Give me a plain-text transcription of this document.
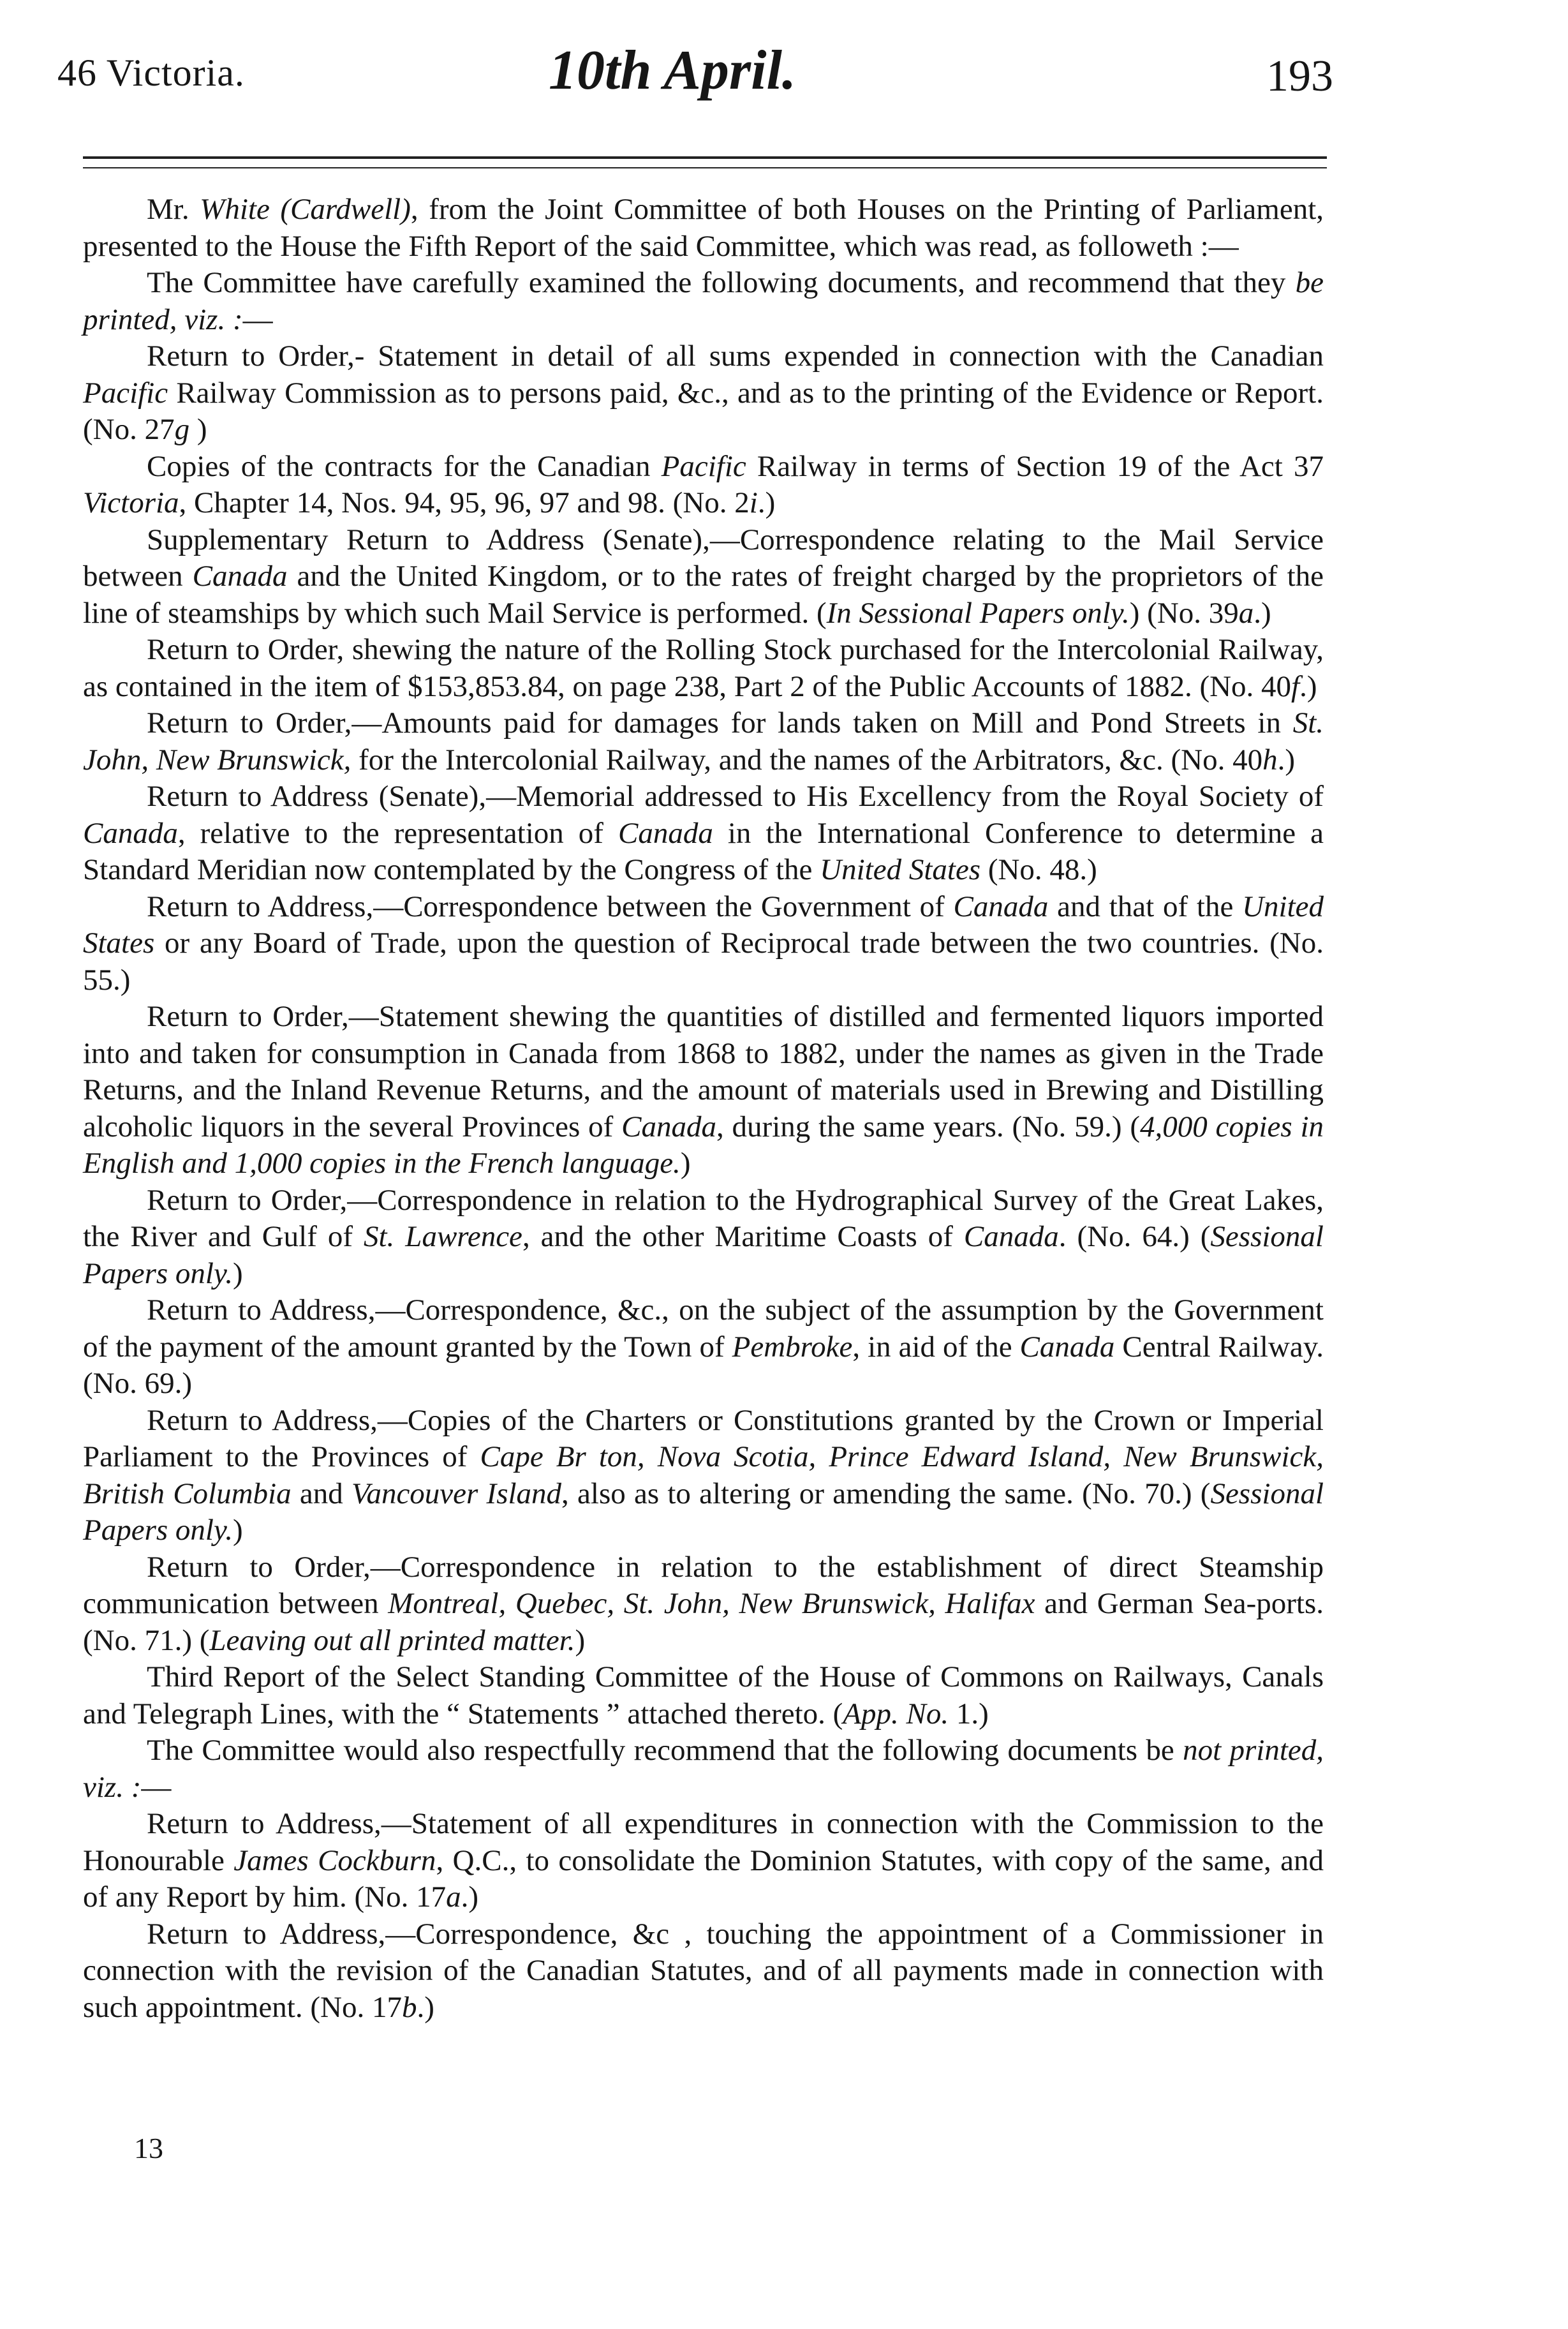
46 Victoria.	10th April.	193

Mr. White (Cardwell), from the Joint Committee of both Houses on the Printing of Parliament, presented to the House the Fifth Report of the said Committee, which was read, as followeth :—

The Committee have carefully examined the following documents, and recommend that they be printed, viz. :—

Return to Order,- Statement in detail of all sums expended in connection with the Canadian Pacific Railway Commission as to persons paid, &c., and as to the printing of the Evidence or Report. (No. 27g )

Copies of the contracts for the Canadian Pacific Railway in terms of Section 19 of the Act 37 Victoria, Chapter 14, Nos. 94, 95, 96, 97 and 98. (No. 2i.)

Supplementary Return to Address (Senate),—Correspondence relating to the Mail Service between Canada and the United Kingdom, or to the rates of freight charged by the proprietors of the line of steamships by which such Mail Service is performed. (In Sessional Papers only.) (No. 39a.)

Return to Order, shewing the nature of the Rolling Stock purchased for the Intercolonial Railway, as contained in the item of $153,853.84, on page 238, Part 2 of the Public Accounts of 1882. (No. 40f.)

Return to Order,—Amounts paid for damages for lands taken on Mill and Pond Streets in St. John, New Brunswick, for the Intercolonial Railway, and the names of the Arbitrators, &c. (No. 40h.)

Return to Address (Senate),—Memorial addressed to His Excellency from the Royal Society of Canada, relative to the representation of Canada in the International Conference to determine a Standard Meridian now contemplated by the Congress of the United States (No. 48.)

Return to Address,—Correspondence between the Government of Canada and that of the United States or any Board of Trade, upon the question of Reciprocal trade between the two countries. (No. 55.)

Return to Order,—Statement shewing the quantities of distilled and fermented liquors imported into and taken for consumption in Canada from 1868 to 1882, under the names as given in the Trade Returns, and the Inland Revenue Returns, and the amount of materials used in Brewing and Distilling alcoholic liquors in the several Provinces of Canada, during the same years. (No. 59.) (4,000 copies in English and 1,000 copies in the French language.)

Return to Order,—Correspondence in relation to the Hydrographical Survey of the Great Lakes, the River and Gulf of St. Lawrence, and the other Maritime Coasts of Canada. (No. 64.) (Sessional Papers only.)

Return to Address,—Correspondence, &c., on the subject of the assumption by the Government of the payment of the amount granted by the Town of Pembroke, in aid of the Canada Central Railway. (No. 69.)

Return to Address,—Copies of the Charters or Constitutions granted by the Crown or Imperial Parliament to the Provinces of Cape Br ton, Nova Scotia, Prince Edward Island, New Brunswick, British Columbia and Vancouver Island, also as to altering or amending the same. (No. 70.) (Sessional Papers only.)

Return to Order,—Correspondence in relation to the establishment of direct Steamship communication between Montreal, Quebec, St. John, New Brunswick, Halifax and German Sea-ports. (No. 71.) (Leaving out all printed matter.)

Third Report of the Select Standing Committee of the House of Commons on Railways, Canals and Telegraph Lines, with the “ Statements ” attached thereto. (App. No. 1.)

The Committee would also respectfully recommend that the following documents be not printed, viz. :—

Return to Address,—Statement of all expenditures in connection with the Commission to the Honourable James Cockburn, Q.C., to consolidate the Dominion Statutes, with copy of the same, and of any Report by him. (No. 17a.)

Return to Address,—Correspondence, &c , touching the appointment of a Commissioner in connection with the revision of the Canadian Statutes, and of all payments made in connection with such appointment. (No. 17b.)

13
